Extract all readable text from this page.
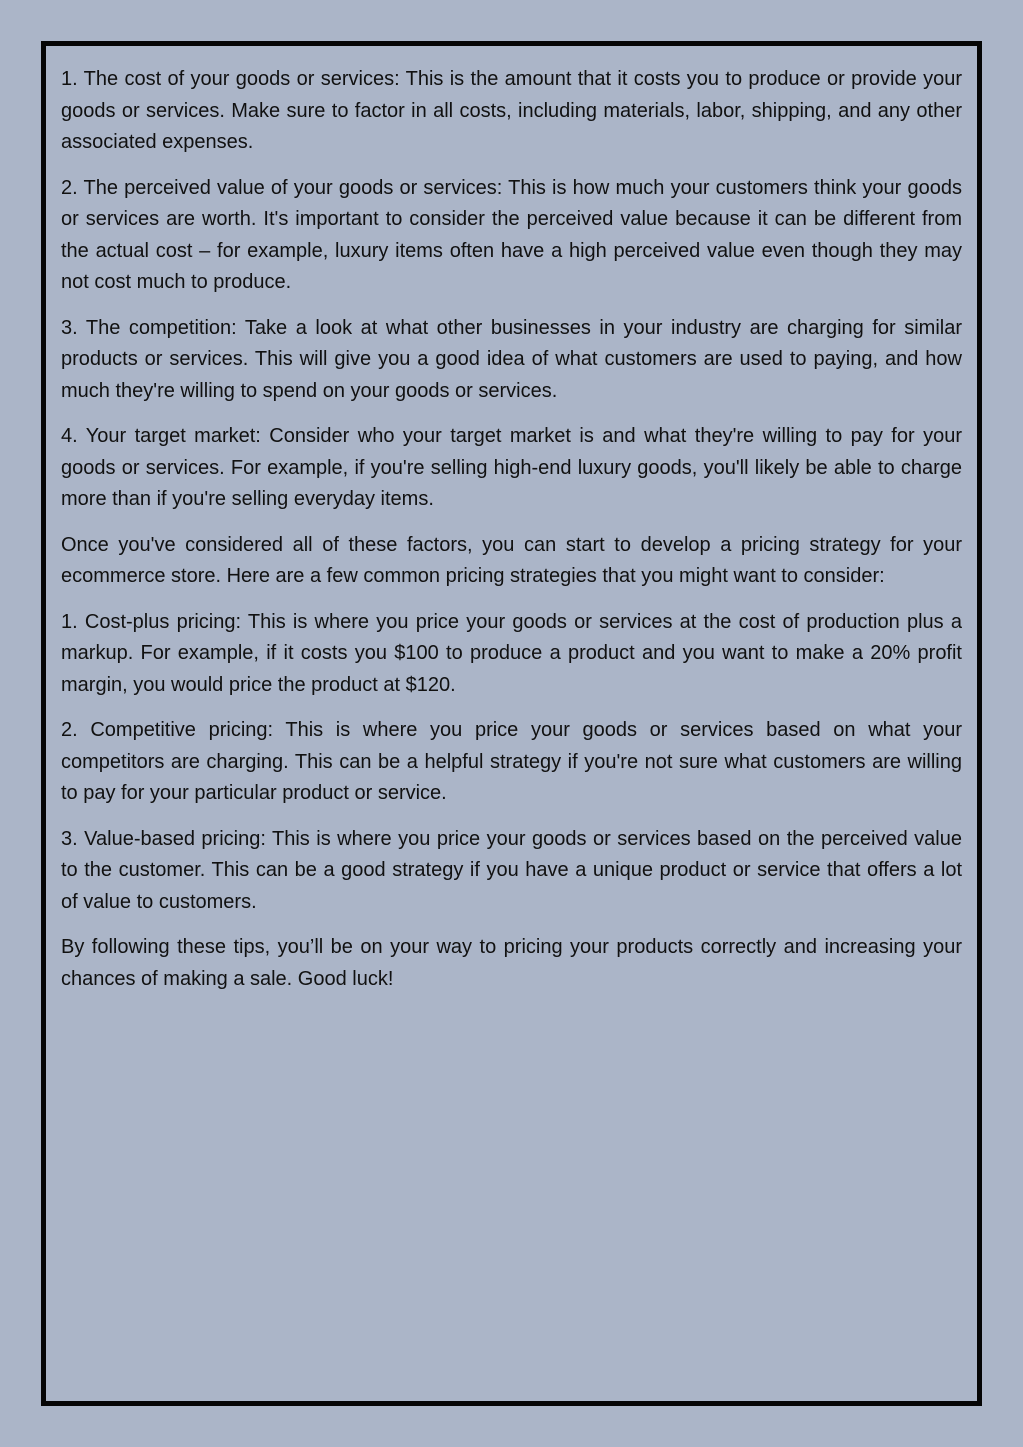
1. The cost of your goods or services: This is the amount that it costs you to produce or provide your goods or services. Make sure to factor in all costs, including materials, labor, shipping, and any other associated expenses.

2. The perceived value of your goods or services: This is how much your customers think your goods or services are worth. It's important to consider the perceived value because it can be different from the actual cost – for example, luxury items often have a high perceived value even though they may not cost much to produce.

3. The competition: Take a look at what other businesses in your industry are charging for similar products or services. This will give you a good idea of what customers are used to paying, and how much they're willing to spend on your goods or services.

4. Your target market: Consider who your target market is and what they're willing to pay for your goods or services. For example, if you're selling high-end luxury goods, you'll likely be able to charge more than if you're selling everyday items.

Once you've considered all of these factors, you can start to develop a pricing strategy for your ecommerce store. Here are a few common pricing strategies that you might want to consider:

1. Cost-plus pricing: This is where you price your goods or services at the cost of production plus a markup. For example, if it costs you $100 to produce a product and you want to make a 20% profit margin, you would price the product at $120.

2. Competitive pricing: This is where you price your goods or services based on what your competitors are charging. This can be a helpful strategy if you're not sure what customers are willing to pay for your particular product or service.

3. Value-based pricing: This is where you price your goods or services based on the perceived value to the customer. This can be a good strategy if you have a unique product or service that offers a lot of value to customers.

By following these tips, you’ll be on your way to pricing your products correctly and increasing your chances of making a sale. Good luck!
